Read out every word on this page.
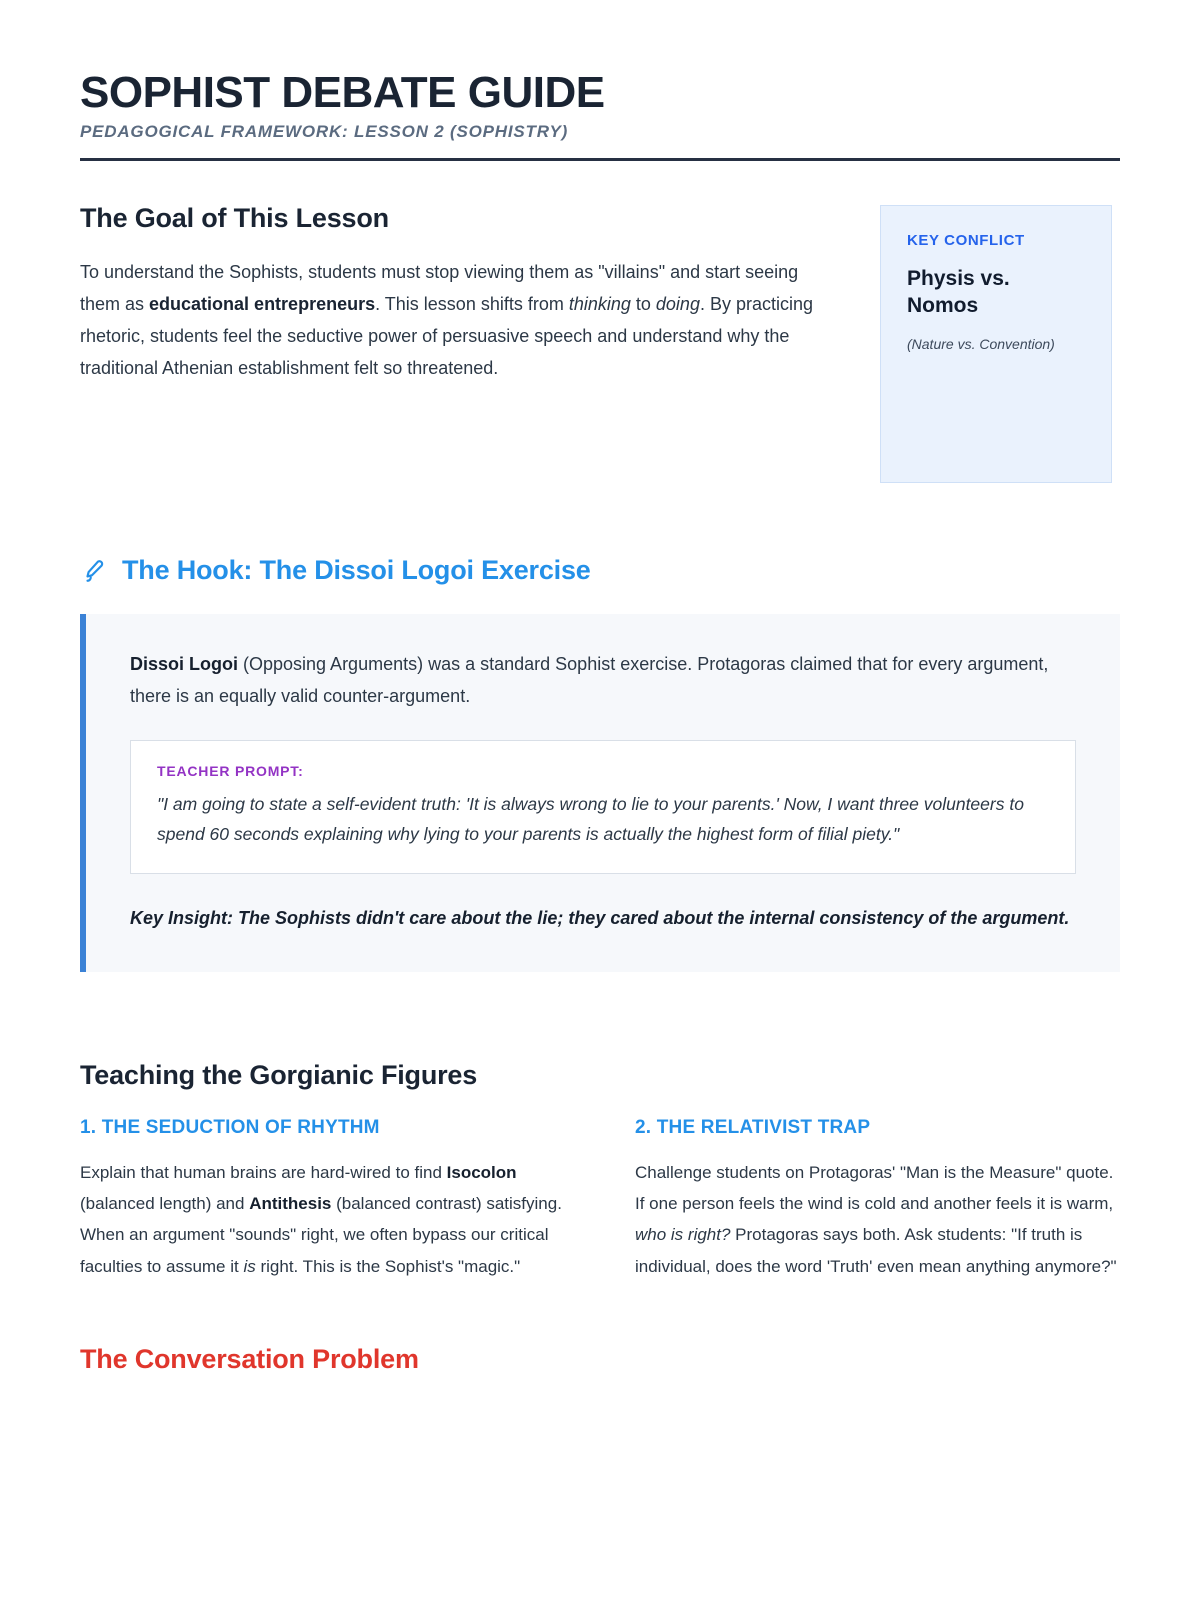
SOPHIST DEBATE GUIDE
PEDAGOGICAL FRAMEWORK: LESSON 2 (SOPHISTRY)
The Goal of This Lesson

To understand the Sophists, students must stop viewing them as "villains" and start seeing them as educational entrepreneurs. This lesson shifts from thinking to doing. By practicing rhetoric, students feel the seductive power of persuasive speech and understand why the traditional Athenian establishment felt so threatened.

KEY CONFLICT
Physis vs. Nomos
(Nature vs. Convention)
The Hook: The Dissoi Logoi Exercise

Dissoi Logoi (Opposing Arguments) was a standard Sophist exercise. Protagoras claimed that for every argument, there is an equally valid counter-argument.

TEACHER PROMPT:

"I am going to state a self-evident truth: 'It is always wrong to lie to your parents.' Now, I want three volunteers to spend 60 seconds explaining why lying to your parents is actually the highest form of filial piety."

Key Insight: The Sophists didn't care about the lie; they cared about the internal consistency of the argument.

Teaching the Gorgianic Figures
1. THE SEDUCTION OF RHYTHM

Explain that human brains are hard-wired to find Isocolon (balanced length) and Antithesis (balanced contrast) satisfying. When an argument "sounds" right, we often bypass our critical faculties to assume it is right. This is the Sophist's "magic."

2. THE RELATIVIST TRAP

Challenge students on Protagoras' "Man is the Measure" quote. If one person feels the wind is cold and another feels it is warm, who is right? Protagoras says both. Ask students: "If truth is individual, does the word 'Truth' even mean anything anymore?"

The Conversation Problem
